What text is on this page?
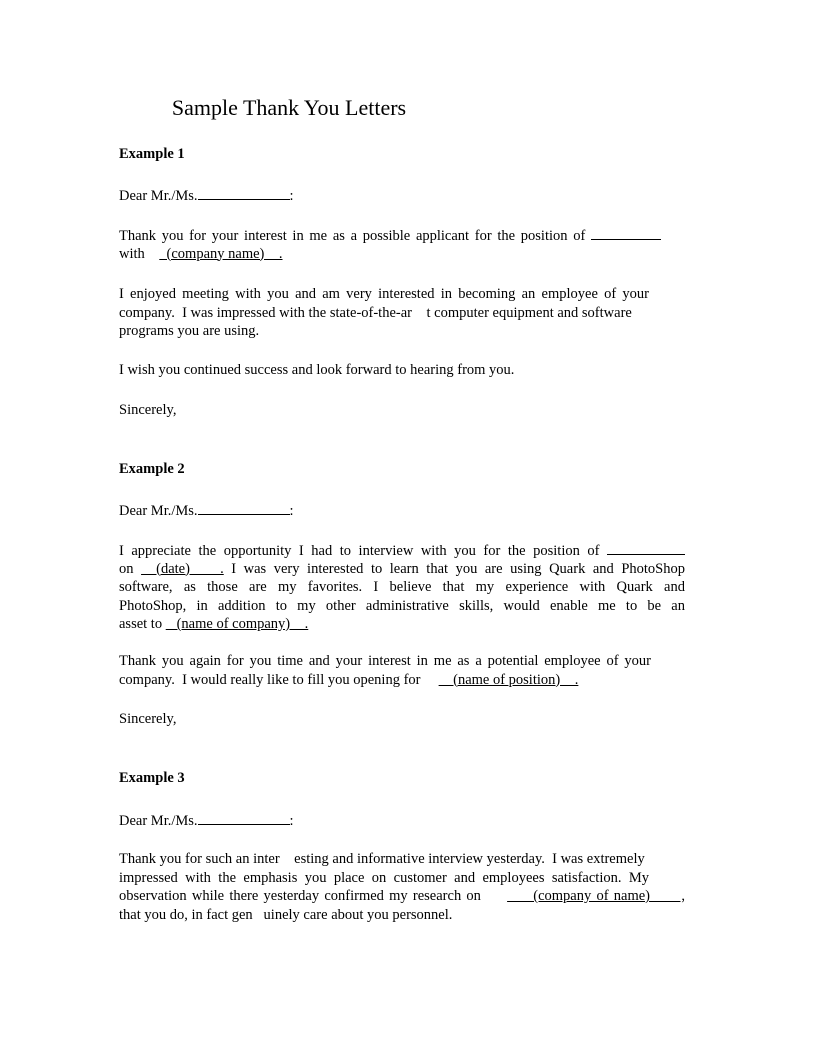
Sample Thank You Letters
Example 1
Dear Mr./Ms.	:
Thank you for your interest in me as a possible applicant for the position of
with      (company name)    .
I enjoyed meeting with you and am very interested in becoming an employee of your
company.  I was impressed with the state-of-the-ar    t computer equipment and software
programs you are using.
I wish you continued success and look forward to hearing from you.
Sincerely,
Example 2
Dear Mr./Ms.	:
I appreciate the opportunity I had to interview with you for the position of
on   (date)    . I was very interested to learn that you are using Quark and PhotoShop
software, as those are my favorites. I believe that my experience with Quark and
PhotoShop, in addition to my other administrative skills, would enable me to be an
asset to    (name of company)    .
Thank you again for you time and your interest in me as a potential employee of your
company.  I would really like to fill you opening for         (name of position)    .
Sincerely,
Example 3
Dear Mr./Ms.	:
Thank you for such an inter    esting and informative interview yesterday.  I was extremely
impressed with the emphasis you place on customer and employees satisfaction. My
observation while there yesterday confirmed my research on          (company of name)      ,
that you do, in fact gen   uinely care about you personnel.
